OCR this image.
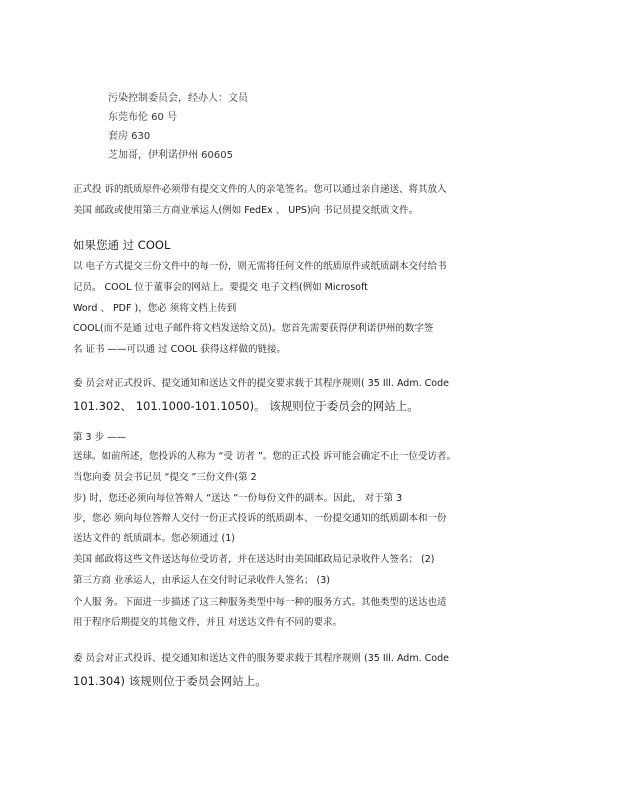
污染控制委员会，经办人：文员
东莞布伦 60 号
套房 630
芝加哥，伊利诺伊州 60605
正式投 诉的纸质原件必须带有提交文件的人的亲笔签名。您可以通过亲自递送、将其放入
美国 邮政或使用第三方商业承运人(例如 FedEx 、 UPS)向 书记员提交纸质文件。
如果您通 过 COOL
以 电子方式提交三份文件中的每一份，则无需将任何文件的纸质原件或纸质副本交付给书
记员。 COOL 位于董事会的网站上。要提交 电子文档(例如 Microsoft
Word 、 PDF )，您必 须将文档上传到
COOL(而不是通 过电子邮件将文档发送给文员)。您首先需要获得伊利诺伊州的数字签
名 证书 ——可以通 过 COOL 获得这样做的链接。
委 员会对正式投诉、提交通知和送达文件的提交要求载于其程序规则( 35 Ill. Adm. Code
101.302、 101.1000-101.1050)。 该规则位于委员会的网站上。
第 3 步 ——
送球。如前所述，您投诉的人称为 “受 访者 ”。您的正式投 诉可能会确定不止一位受访者。
当您向委 员会书记员 “提交 ”三份文件(第 2
步) 时，您还必须向每位答辩人 “送达 ”一份每份文件的副本。因此， 对于第 3
步，您必 须向每位答辩人交付一份正式投诉的纸质副本、一份提交通知的纸质副本和一份
送达文件的 纸质副本。您必须通过 (1)
美国 邮政将这些文件送达每位受访者，并在送达时由美国邮政局记录收件人签名； (2)
第三方商 业承运人，由承运人在交付时记录收件人签名； (3)
个人服 务。下面进一步描述了这三种服务类型中每一种的服务方式。其他类型的送达也适
用于程序后期提交的其他文件，并且 对送达文件有不同的要求。
委 员会对正式投诉、提交通知和送达文件的服务要求载于其程序规则 (35 Ill. Adm. Code
101.304) 该规则位于委员会网站上。
